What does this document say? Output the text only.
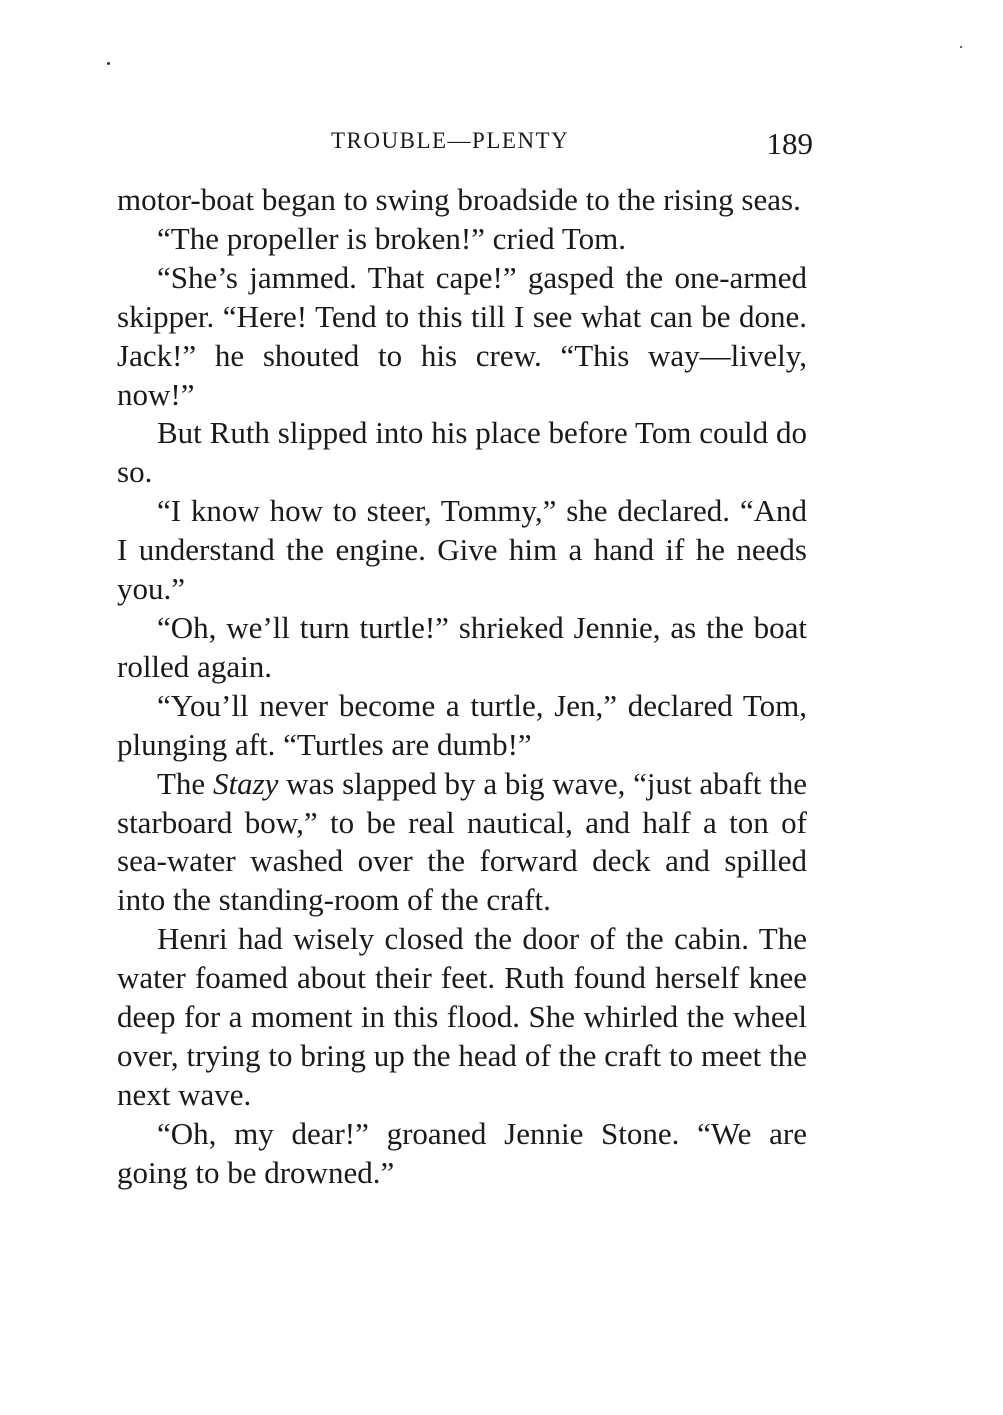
TROUBLE—PLENTY	189

motor-boat began to swing broadside to the rising seas.

“The propeller is broken!” cried Tom.

“She’s jammed. That cape!” gasped the one-armed skipper. “Here! Tend to this till I see what can be done. Jack!” he shouted to his crew. “This way—lively, now!”

But Ruth slipped into his place before Tom could do so.

“I know how to steer, Tommy,” she declared. “And I understand the engine. Give him a hand if he needs you.”

“Oh, we’ll turn turtle!” shrieked Jennie, as the boat rolled again.

“You’ll never become a turtle, Jen,” declared Tom, plunging aft. “Turtles are dumb!”

The Stazy was slapped by a big wave, “just abaft the starboard bow,” to be real nautical, and half a ton of sea-water washed over the forward deck and spilled into the standing-room of the craft.

Henri had wisely closed the door of the cabin. The water foamed about their feet. Ruth found herself knee deep for a moment in this flood. She whirled the wheel over, trying to bring up the head of the craft to meet the next wave.

“Oh, my dear!” groaned Jennie Stone. “We are going to be drowned.”
